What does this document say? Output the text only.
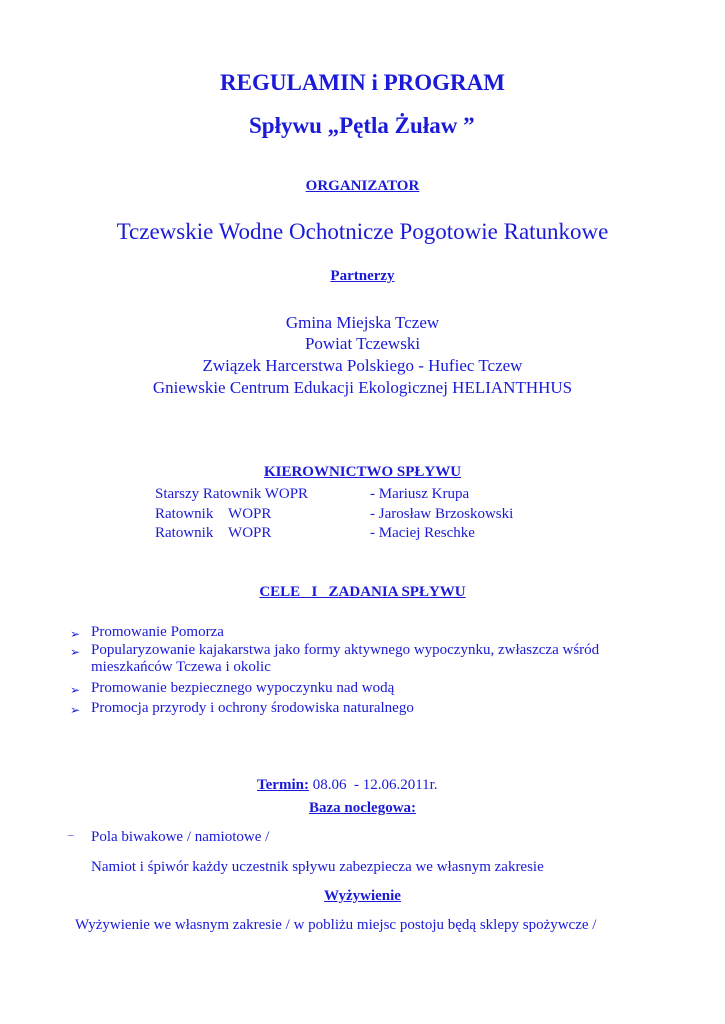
REGULAMIN i PROGRAM
Spływu „Pętla Żuław ”
ORGANIZATOR
Tczewskie Wodne Ochotnicze Pogotowie Ratunkowe
Partnerzy
Gmina Miejska Tczew
Powiat Tczewski
Związek Harcerstwa Polskiego - Hufiec Tczew
Gniewskie Centrum Edukacji Ekologicznej HELIANTHHUS
KIEROWNICTWO SPŁYWU
Starszy Ratownik WOPR	- Mariusz Krupa
Ratownik    WOPR	- Jarosław Brzoskowski
Ratownik    WOPR	- Maciej Reschke
CELE   I   ZADANIA SPŁYWU
➢ Promowanie Pomorza
➢ Popularyzowanie kajakarstwa jako formy aktywnego wypoczynku, zwłaszcza wśród mieszkańców Tczewa i okolic
➢ Promowanie bezpiecznego wypoczynku nad wodą
➢ Promocja przyrody i ochrony środowiska naturalnego

Termin: 08.06  - 12.06.2011r.

Baza noclegowa:
– Pola biwakowe / namiotowe /
Namiot i śpiwór każdy uczestnik spływu zabezpiecza we własnym zakresie
Wyżywienie
Wyżywienie we własnym zakresie / w pobliżu miejsc postoju będą sklepy spożywcze /
